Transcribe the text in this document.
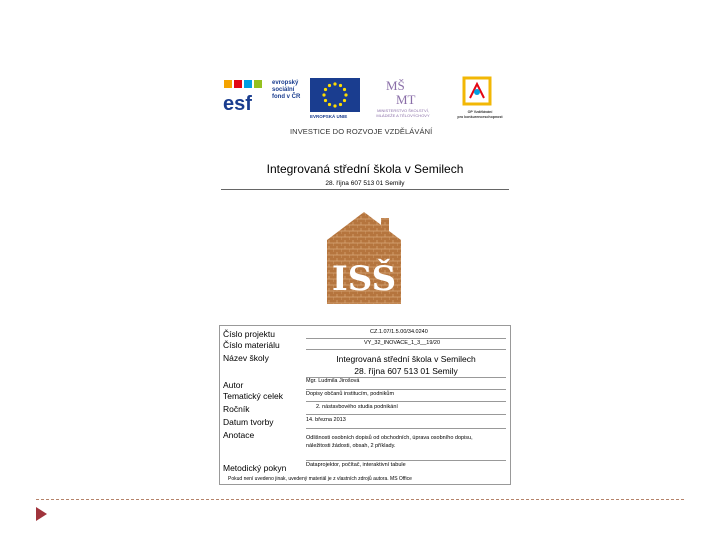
esf
evropský
sociální
fond v ČR
EVROPSKÁ UNIE
MŠ
MT
MINISTERSTVO ŠKOLSTVÍ,
MLÁDEŽE A TĚLOVÝCHOVY
OP Vzdělávání
pro konkurenceschopnost
INVESTICE DO ROZVOJE VZDĚLÁVÁNÍ
Integrovaná střední škola v Semilech
28. října 607 513 01 Semily
ISŠ
Číslo projektu	CZ.1.07/1.5.00/34.0240
Číslo materiálu	VY_32_INOVACE_1_3__19/20
Název školy	Integrovaná střední škola v Semilech
28. října 607 513 01 Semily
Autor	Mgr. Ludmila Jirošová
Tematický celek	Dopisy občanů institucím, podnikům
Ročník	2. nástavbového studia podnikání
Datum tvorby	14. března 2013
Anotace	Odlišnosti osobních dopisů od obchodních, úprava osobního dopisu,
náležitosti žádosti, obsah, 2 příklady.
Metodický pokyn	Dataprojektor, počítač, interaktivní tabule
Pokud není uvedeno jinak, uvedený materiál je z vlastních zdrojů autora. MS Office
